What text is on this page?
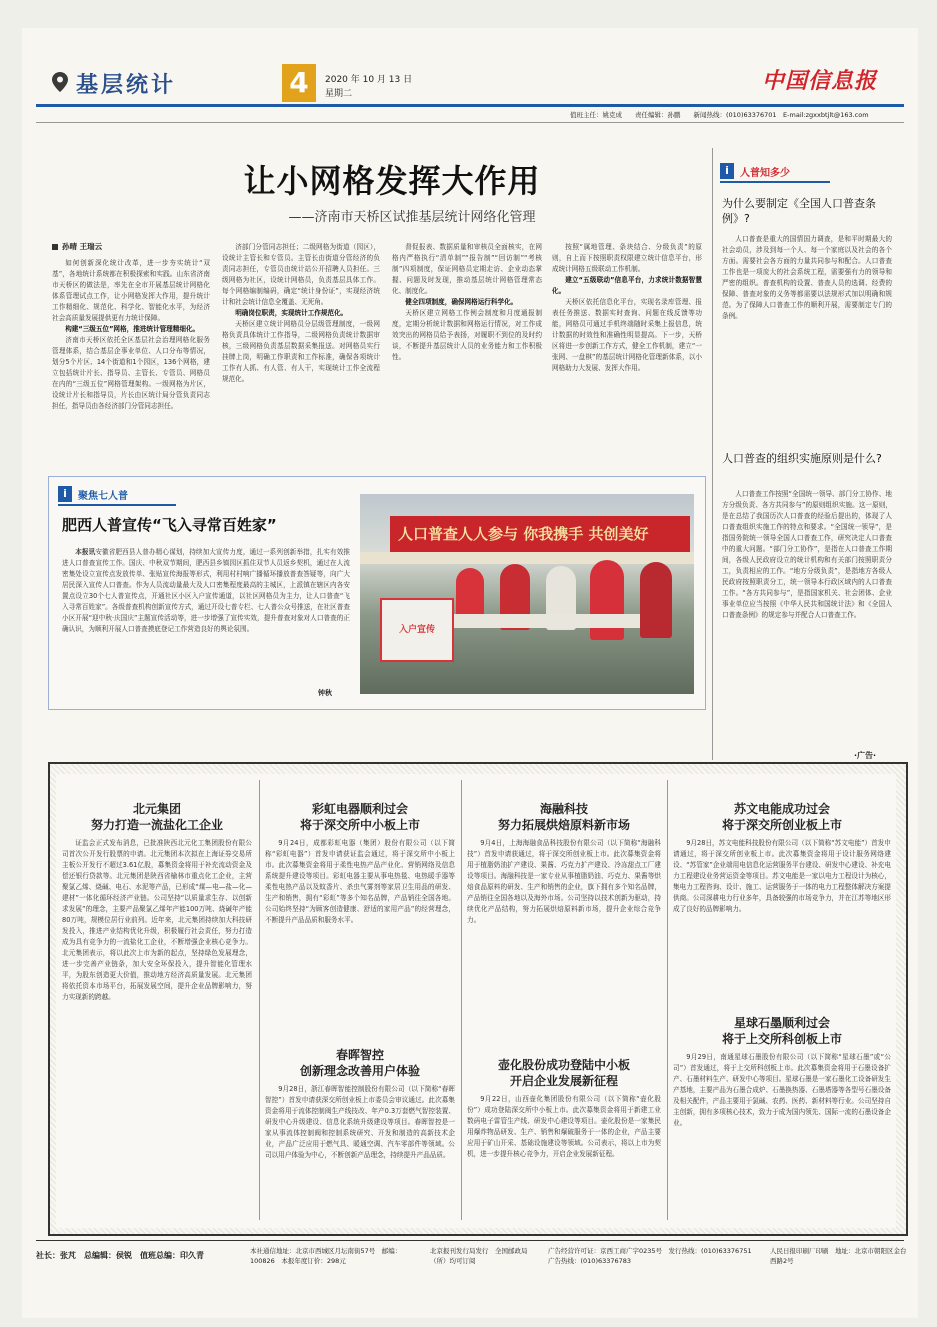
基层统计	4	2020 年 10 月 13 日
星期二	中国信息报
值班主任：姚克成　　责任编辑：孙鹏　　新闻热线：(010)63376701　E-mail:zgxxbtjlt@163.com
让小网格发挥大作用
——济南市天桥区试推基层统计网络化管理
孙晴 王瑞云

如何创新深化统计改革，进一步夯实统计“双基”，各地统计系统都在积极探索和实践。山东省济南市天桥区的做法是，率先在全市开展基层统计网格化体系管理试点工作，让小网格发挥大作用，提升统计工作精细化、规范化、科学化、智能化水平，为经济社会高质量发展提供更有力统计保障。

构建“三级五位”网格，推进统计管理精细化。

济南市天桥区依托全区基层社会治理网格化服务管理体系，结合基层企事业单位、人口分布等情况，划分5个片区、14个街道和1个园区，136个网格，建立包括统计片长、指导员、主管长、专管员、网格员在内的“三级五位”网格管理架构。一级网格为片区，设统计片长和指导员，片长由区统计局分管负责同志担任，指导员由各经济部门分管同志担任。

济部门分管同志担任；二级网格为街道（园区），设统计主管长和专管员。主管长由街道分管经济的负责同志担任，专管员由统计站公开招聘人员担任。三级网格为社区，设统计网格员，负责基层具体工作。每个网格编制编码，确定“统计身份证”，实现经济统计和社会统计信息全覆盖、无死角。

明确岗位职责，实现统计工作规范化。

天桥区建立统计网格员分层级管理制度，一级网格负责具体统计工作指导，二级网格负责统计数据审核，三级网格负责基层数据采集报送。对网格员实行挂牌上岗，明确工作职责和工作标准，确保各项统计工作有人抓、有人管、有人干，实现统计工作全流程规范化。

督促报表、数据质量和审核员全面核实，在网格内严格执行“清单制”“报告制”“回访制”“考核制”四项制度，保证网格员定期走访、企业动态掌握、问题及时发现，推动基层统计网格管理常态化、制度化。

健全四项制度，确保网格运行科学化。

天桥区建立网格工作例会制度和月度通报制度，定期分析统计数据和网格运行情况，对工作成效突出的网格员给予表扬，对履职不到位的及时约谈，不断提升基层统计人员的业务能力和工作积极性。

按照“属地管理、条块结合、分级负责”的原则，自上而下按照职责权限建立统计信息平台，形成统计网格五级联动工作机制。

建立“五级联动”信息平台，力求统计数据智慧化。

天桥区依托信息化平台，实现名录库管理、报表任务推送、数据实时查询、问题在线反馈等功能，网格员可通过手机终端随时采集上报信息，统计数据的时效性和准确性明显提高。下一步，天桥区将进一步创新工作方式，健全工作机制，建立“一张网、一盘棋”的基层统计网格化管理新体系，以小网格助力大发展、发挥大作用。

i	人普知多少
为什么要制定《全国人口普查条例》?

人口普查是重大的国情国力调查，是和平时期最大的社会动员，涉及到每一个人、每一个家庭以及社会的各个方面。需要社会各方面的力量共同参与和配合。人口普查工作也是一项庞大的社会系统工程，需要强有力的领导和严密的组织。普查机构的设置、普查人员的选调、经费的保障、普查对象的义务等都需要以法规形式加以明确和规范。为了保障人口普查工作的顺利开展，需要制定专门的条例。

人口普查的组织实施原则是什么?

人口普查工作按照“全国统一领导、部门分工协作、地方分级负责、各方共同参与”的原则组织实施。这一原则，是在总结了我国历次人口普查的经验后提出的，体现了人口普查组织实施工作的特点和要求。“全国统一领导”，是指国务院统一领导全国人口普查工作，研究决定人口普查中的重大问题。“部门分工协作”，是指在人口普查工作期间，各级人民政府设立的统计机构和有关部门按照职责分工，负责相应的工作。“地方分级负责”，是指地方各级人民政府按照职责分工，统一领导本行政区域内的人口普查工作。“各方共同参与”，是指国家机关、社会团体、企业事业单位应当按照《中华人民共和国统计法》和《全国人口普查条例》的规定参与并配合人口普查工作。

i	聚焦七人普
肥西人普宣传“飞入寻常百姓家”

本报讯安徽省肥西县人普办精心谋划，持续加大宣传力度，通过一系列创新举措，扎实有效推进人口普查宣传工作。国庆、中秋双节期间，肥西县乡镇园区抓住双节人员返乡契机，通过在人流密集处设立宣传点发放传单、张贴宣传海报等形式，利用村村响广播循环播放普查答疑等，向广大居民深入宣传人口普查。作为人员流动量最大及人口密集程度最高的主城区，上派镇在辖区内各安置点设立30个七人普宣传点，开通社区小区入户宣传通道，以社区网格员为主力，让人口普查“飞入寻常百姓家”。各级普查机构创新宣传方式，通过开设七普专栏、七人普公众号推送，在社区普查小区开展“迎中秋·庆国庆”主题宣传活动等，进一步增强了宣传实效，提升普查对象对人口普查的正确认识，为顺利开展人口普查摸底登记工作营造良好的舆论氛围。

钟秋
人口普查人人参与 你我携手 共创美好
入户宣传
·广告·
北元集团
努力打造一流盐化工企业

证监会正式发布消息，已批准陕西北元化工集团股份有限公司首次公开发行股票的申请。北元集团本次拟在上海证券交易所主板公开发行不超过3.61亿股，募集资金将用于补充流动资金及偿还银行贷款等。北元集团是陕西省榆林市重点化工企业，主营聚氯乙烯、烧碱、电石、水泥等产品，已形成“煤—电—盐—化—建材”一体化循环经济产业链。公司坚持“以质量求生存、以创新求发展”的理念，主要产品聚氯乙烯年产能100万吨、烧碱年产能80万吨，规模位居行业前列。近年来，北元集团持续加大科技研发投入，推进产业结构优化升级，积极履行社会责任，努力打造成为具有竞争力的一流盐化工企业，不断增强企业核心竞争力。北元集团表示，将以此次上市为新的起点，坚持绿色发展理念，进一步完善产业链条，加大安全环保投入，提升智能化管理水平，为股东创造更大价值，推动地方经济高质量发展。北元集团将依托资本市场平台，拓展发展空间，提升企业品牌影响力，努力实现新的跨越。

彩虹电器顺利过会
将于深交所中小板上市

9月24日，成都彩虹电器（集团）股份有限公司（以下简称“彩虹电器”）首发申请获证监会通过，将于深交所中小板上市。此次募集资金将用于柔性电热产品产业化、营销网络及信息系统提升建设等项目。彩虹电器主要从事电热毯、电热暖手器等柔性电热产品以及蚊香片、杀虫气雾剂等家居卫生用品的研发、生产和销售，拥有“彩虹”等多个知名品牌，产品销往全国各地。公司始终坚持“为顾客创造健康、舒适的家用产品”的经营理念，不断提升产品品质和服务水平。

春晖智控
创新理念改善用户体验

9月28日，浙江春晖智能控制股份有限公司（以下简称“春晖智控”）首发申请获深交所创业板上市委员会审议通过。此次募集资金将用于流体控制阀生产线技改、年产0.3万套燃气智控装置、研发中心升级建设、信息化系统升级建设等项目。春晖智控是一家从事流体控制阀和控制系统研究、开发和制造的高新技术企业，产品广泛应用于燃气具、暖通空调、汽车零部件等领域。公司以用户体验为中心，不断创新产品理念，持续提升产品品质。

海融科技
努力拓展烘焙原料新市场

9月4日，上海海融食品科技股份有限公司（以下简称“海融科技”）首发申请获通过，将于深交所创业板上市。此次募集资金将用于植脂奶油扩产建设、果酱、巧克力扩产建设、冷冻甜点工厂建设等项目。海融科技是一家专业从事植脂奶油、巧克力、果酱等烘焙食品原料的研发、生产和销售的企业，旗下拥有多个知名品牌，产品销往全国各地以及海外市场。公司坚持以技术创新为驱动，持续优化产品结构，努力拓展烘焙原料新市场，提升企业综合竞争力。

壶化股份成功登陆中小板
开启企业发展新征程

9月22日，山西壶化集团股份有限公司（以下简称“壶化股份”）成功登陆深交所中小板上市。此次募集资金将用于新建工业数码电子雷管生产线、研发中心建设等项目。壶化股份是一家集民用爆炸物品研发、生产、销售和爆破服务于一体的企业，产品主要应用于矿山开采、基础设施建设等领域。公司表示，将以上市为契机，进一步提升核心竞争力，开启企业发展新征程。

苏文电能成功过会
将于深交所创业板上市

9月28日，苏文电能科技股份有限公司（以下简称“苏文电能”）首发申请通过，将于深交所创业板上市。此次募集资金将用于设计服务网络建设、“苏管家”企业端用电信息化运营服务平台建设、研发中心建设、补充电力工程建设业务营运资金等项目。苏文电能是一家以电力工程设计为核心，集电力工程咨询、设计、施工、运营服务于一体的电力工程整体解决方案提供商。公司深耕电力行业多年，具备较强的市场竞争力，并在江苏等地区形成了良好的品牌影响力。

星球石墨顺利过会
将于上交所科创板上市

9月29日，南通星球石墨股份有限公司（以下简称“星球石墨”或“公司”）首发通过，将于上交所科创板上市。此次募集资金将用于石墨设备扩产、石墨材料生产、研发中心等项目。星球石墨是一家石墨化工设备研发生产基地，主要产品为石墨合成炉、石墨换热器、石墨塔器等各型号石墨设备及相关配件，产品主要用于氯碱、农药、医药、新材料等行业。公司坚持自主创新，拥有多项核心技术，致力于成为国内领先、国际一流的石墨设备企业。

社长：张芃　总编辑：侯锐　值班总编：印久青	本社通信地址：北京市西城区月坛南街57号　邮编：100826　本报年度订价：298元
北京报刊发行局发行　全国邮政局（所）均可订阅
广告经营许可证：京西工商广字0235号　发行热线：(010)63376751　广告热线：(010)63376783
人民日报印刷厂印刷　地址：北京市朝阳区金台西路2号
